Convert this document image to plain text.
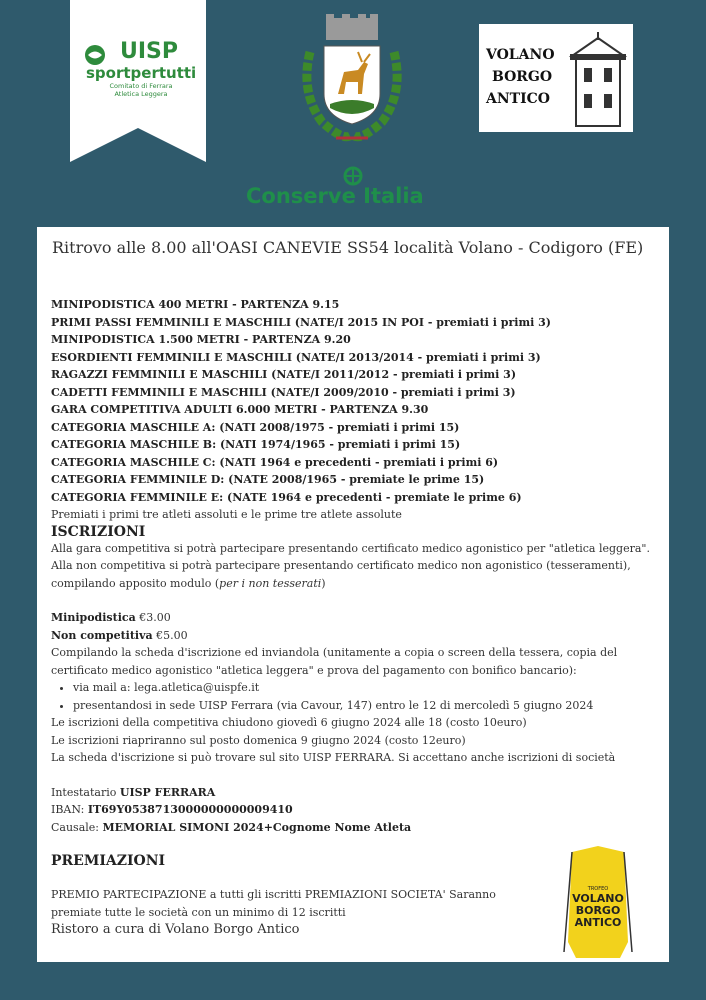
UISP
sportpertutti
Comitato di Ferrara
Atletica Leggera
VOLANO
BORGO
ANTICO
Conserve Italia
Ritrovo alle 8.00 all'OASI CANEVIE SS54 località Volano - Codigoro (FE)
MINIPODISTICA 400 METRI - PARTENZA 9.15
PRIMI PASSI FEMMINILI E MASCHILI (NATE/I 2015 IN POI - premiati i primi 3)
MINIPODISTICA 1.500 METRI - PARTENZA 9.20
ESORDIENTI FEMMINILI E MASCHILI (NATE/I 2013/2014 - premiati i primi 3)
RAGAZZI FEMMINILI E MASCHILI (NATE/I 2011/2012 - premiati i primi 3)
CADETTI FEMMINILI E MASCHILI (NATE/I 2009/2010 - premiati i primi 3)
GARA COMPETITIVA ADULTI 6.000 METRI - PARTENZA 9.30
CATEGORIA MASCHILE A: (NATI 2008/1975 - premiati i primi 15)
CATEGORIA MASCHILE B: (NATI 1974/1965 - premiati i primi 15)
CATEGORIA MASCHILE C: (NATI 1964 e precedenti - premiati i primi 6)
CATEGORIA FEMMINILE D: (NATE 2008/1965 - premiate le prime 15)
CATEGORIA FEMMINILE E: (NATE 1964 e precedenti - premiate le prime 6)
Premiati i primi tre atleti assoluti e le prime tre atlete assolute
ISCRIZIONI
Alla gara competitiva si potrà partecipare presentando certificato medico agonistico per "atletica leggera". Alla non competitiva si potrà partecipare presentando certificato medico non agonistico (tesseramenti), compilando apposito modulo (per i non tesserati)
Minipodistica €3.00
Non competitiva €5.00
Compilando la scheda d'iscrizione ed inviandola (unitamente a copia o screen della tessera, copia del certificato medico agonistico "atletica leggera" e prova del pagamento con bonifico bancario):
• via mail a: lega.atletica@uispfe.it
• presentandosi in sede UISP Ferrara (via Cavour, 147) entro le 12 di mercoledì 5 giugno 2024
Le iscrizioni della competitiva chiudono giovedì 6 giugno 2024 alle 18 (costo 10euro)
Le iscrizioni riapriranno sul posto domenica 9 giugno 2024 (costo 12euro)
La scheda d'iscrizione si può trovare sul sito UISP FERRARA. Si accettano anche iscrizioni di società
Intestatario UISP FERRARA
IBAN: IT69Y0538713000000000009410
Causale: MEMORIAL SIMONI 2024+Cognome Nome Atleta
PREMIAZIONI
PREMIO PARTECIPAZIONE a tutti gli iscritti PREMIAZIONI SOCIETA' Saranno premiate tutte le società con un minimo di 12 iscritti
Ristoro a cura di Volano Borgo Antico
TROFEO
VOLANO
BORGO
ANTICO
